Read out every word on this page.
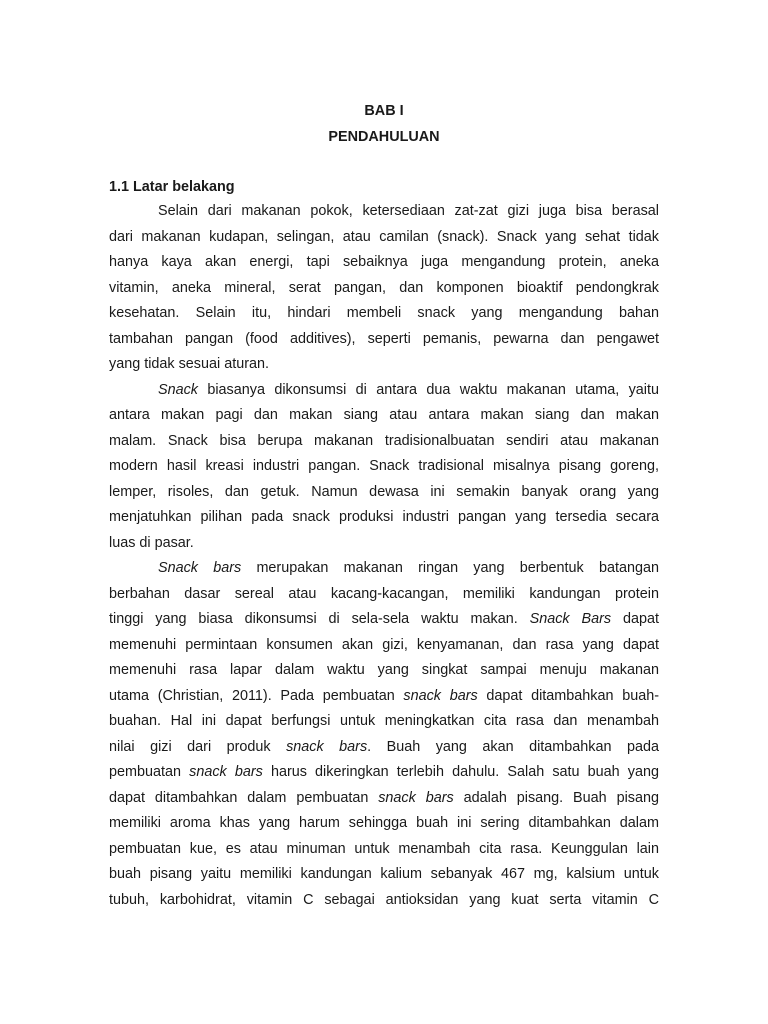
BAB I
PENDAHULUAN
1.1 Latar belakang
Selain dari makanan pokok, ketersediaan zat-zat gizi juga bisa berasal
dari makanan kudapan, selingan, atau camilan (snack). Snack yang sehat tidak
hanya kaya akan energi, tapi sebaiknya juga mengandung protein, aneka
vitamin, aneka mineral, serat pangan, dan komponen bioaktif pendongkrak
kesehatan. Selain itu, hindari membeli snack yang mengandung bahan
tambahan pangan (food additives), seperti pemanis, pewarna dan pengawet
yang tidak sesuai aturan.
Snack biasanya dikonsumsi di antara dua waktu makanan utama, yaitu
antara makan pagi dan makan siang atau antara makan siang dan makan
malam. Snack bisa berupa makanan tradisionalbuatan sendiri atau makanan
modern hasil kreasi industri pangan. Snack tradisional misalnya pisang goreng,
lemper, risoles, dan getuk. Namun dewasa ini semakin banyak orang yang
menjatuhkan pilihan pada snack produksi industri pangan yang tersedia secara
luas di pasar.
Snack bars merupakan makanan ringan yang berbentuk batangan
berbahan dasar sereal atau kacang-kacangan, memiliki kandungan protein
tinggi yang biasa dikonsumsi di sela-sela waktu makan. Snack Bars dapat
memenuhi permintaan konsumen akan gizi, kenyamanan, dan rasa yang dapat
memenuhi rasa lapar dalam waktu yang singkat sampai menuju makanan
utama (Christian, 2011). Pada pembuatan snack bars dapat ditambahkan buah-
buahan. Hal ini dapat berfungsi untuk meningkatkan cita rasa dan menambah
nilai gizi dari produk snack bars. Buah yang akan ditambahkan pada
pembuatan snack bars harus dikeringkan terlebih dahulu. Salah satu buah yang
dapat ditambahkan dalam pembuatan snack bars adalah pisang. Buah pisang
memiliki aroma khas yang harum sehingga buah ini sering ditambahkan dalam
pembuatan kue, es atau minuman untuk menambah cita rasa. Keunggulan lain
buah pisang yaitu memiliki kandungan kalium sebanyak 467 mg, kalsium untuk
tubuh, karbohidrat, vitamin C sebagai antioksidan yang kuat serta vitamin C
